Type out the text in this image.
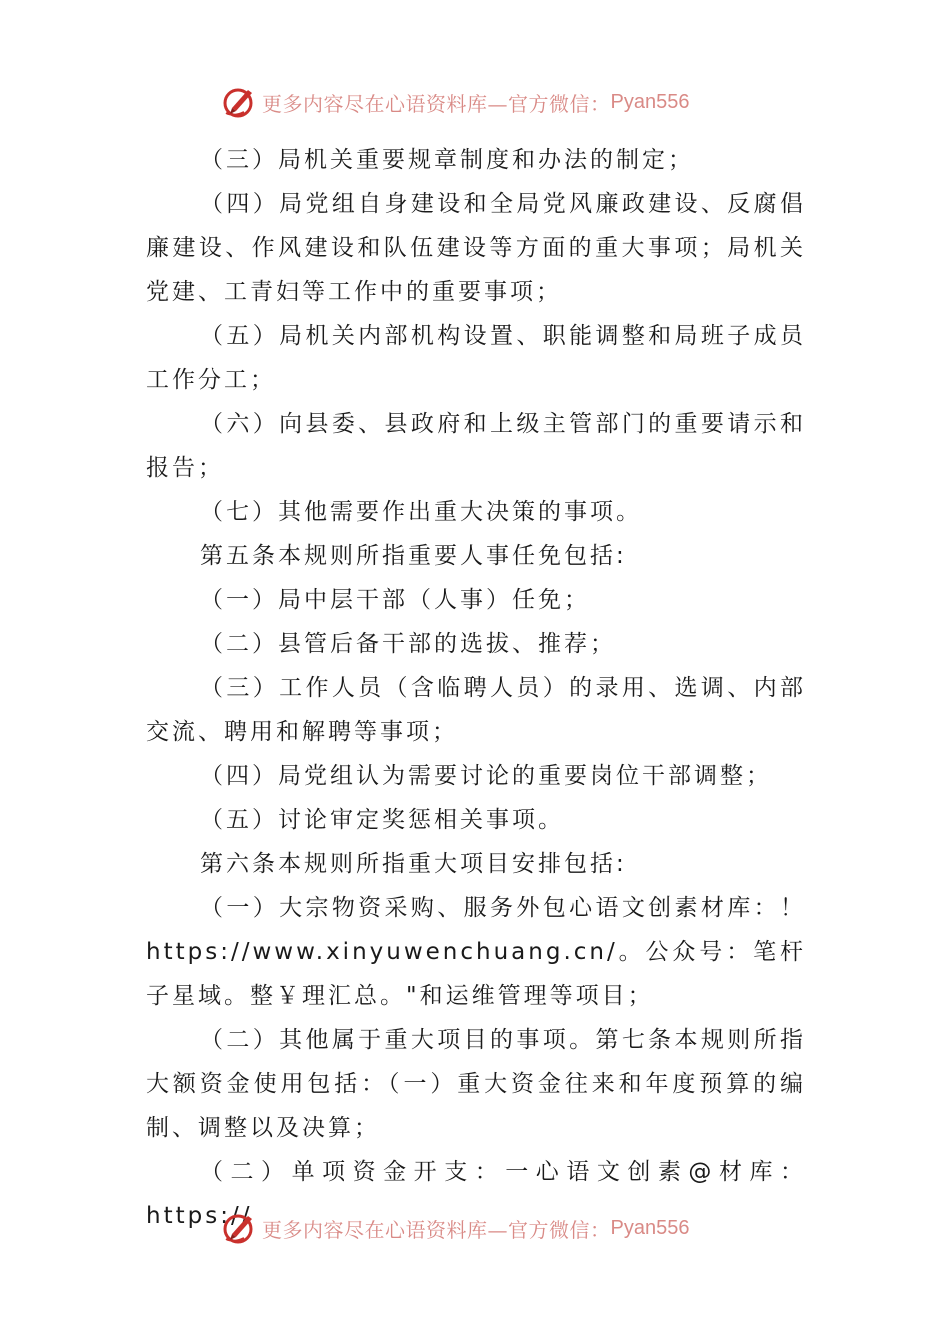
更多内容尽在心语资料库—官方微信： Pyan556

（三）局机关重要规章制度和办法的制定；

（四）局党组自身建设和全局党风廉政建设、反腐倡廉建设、作风建设和队伍建设等方面的重大事项；局机关党建、工青妇等工作中的重要事项；

（五）局机关内部机构设置、职能调整和局班子成员工作分工；

（六）向县委、县政府和上级主管部门的重要请示和报告；

（七）其他需要作出重大决策的事项。

第五条本规则所指重要人事任免包括:

（一）局中层干部（人事）任免；

（二）县管后备干部的选拔、推荐；

（三）工作人员（含临聘人员）的录用、选调、内部交流、聘用和解聘等事项；

（四）局党组认为需要讨论的重要岗位干部调整；

（五）讨论审定奖惩相关事项。

第六条本规则所指重大项目安排包括:

（一）大宗物资采购、服务外包心语文创素材库：！https://www.xinyuwenchuang.cn/。公众号：笔杆子星域。整￥理汇总。"和运维管理等项目；

（二）其他属于重大项目的事项。第七条本规则所指大额资金使用包括：（一）重大资金往来和年度预算的编制、调整以及决算；

（二）单项资金开支：一心语文创素@材库：https://

更多内容尽在心语资料库—官方微信： Pyan556
